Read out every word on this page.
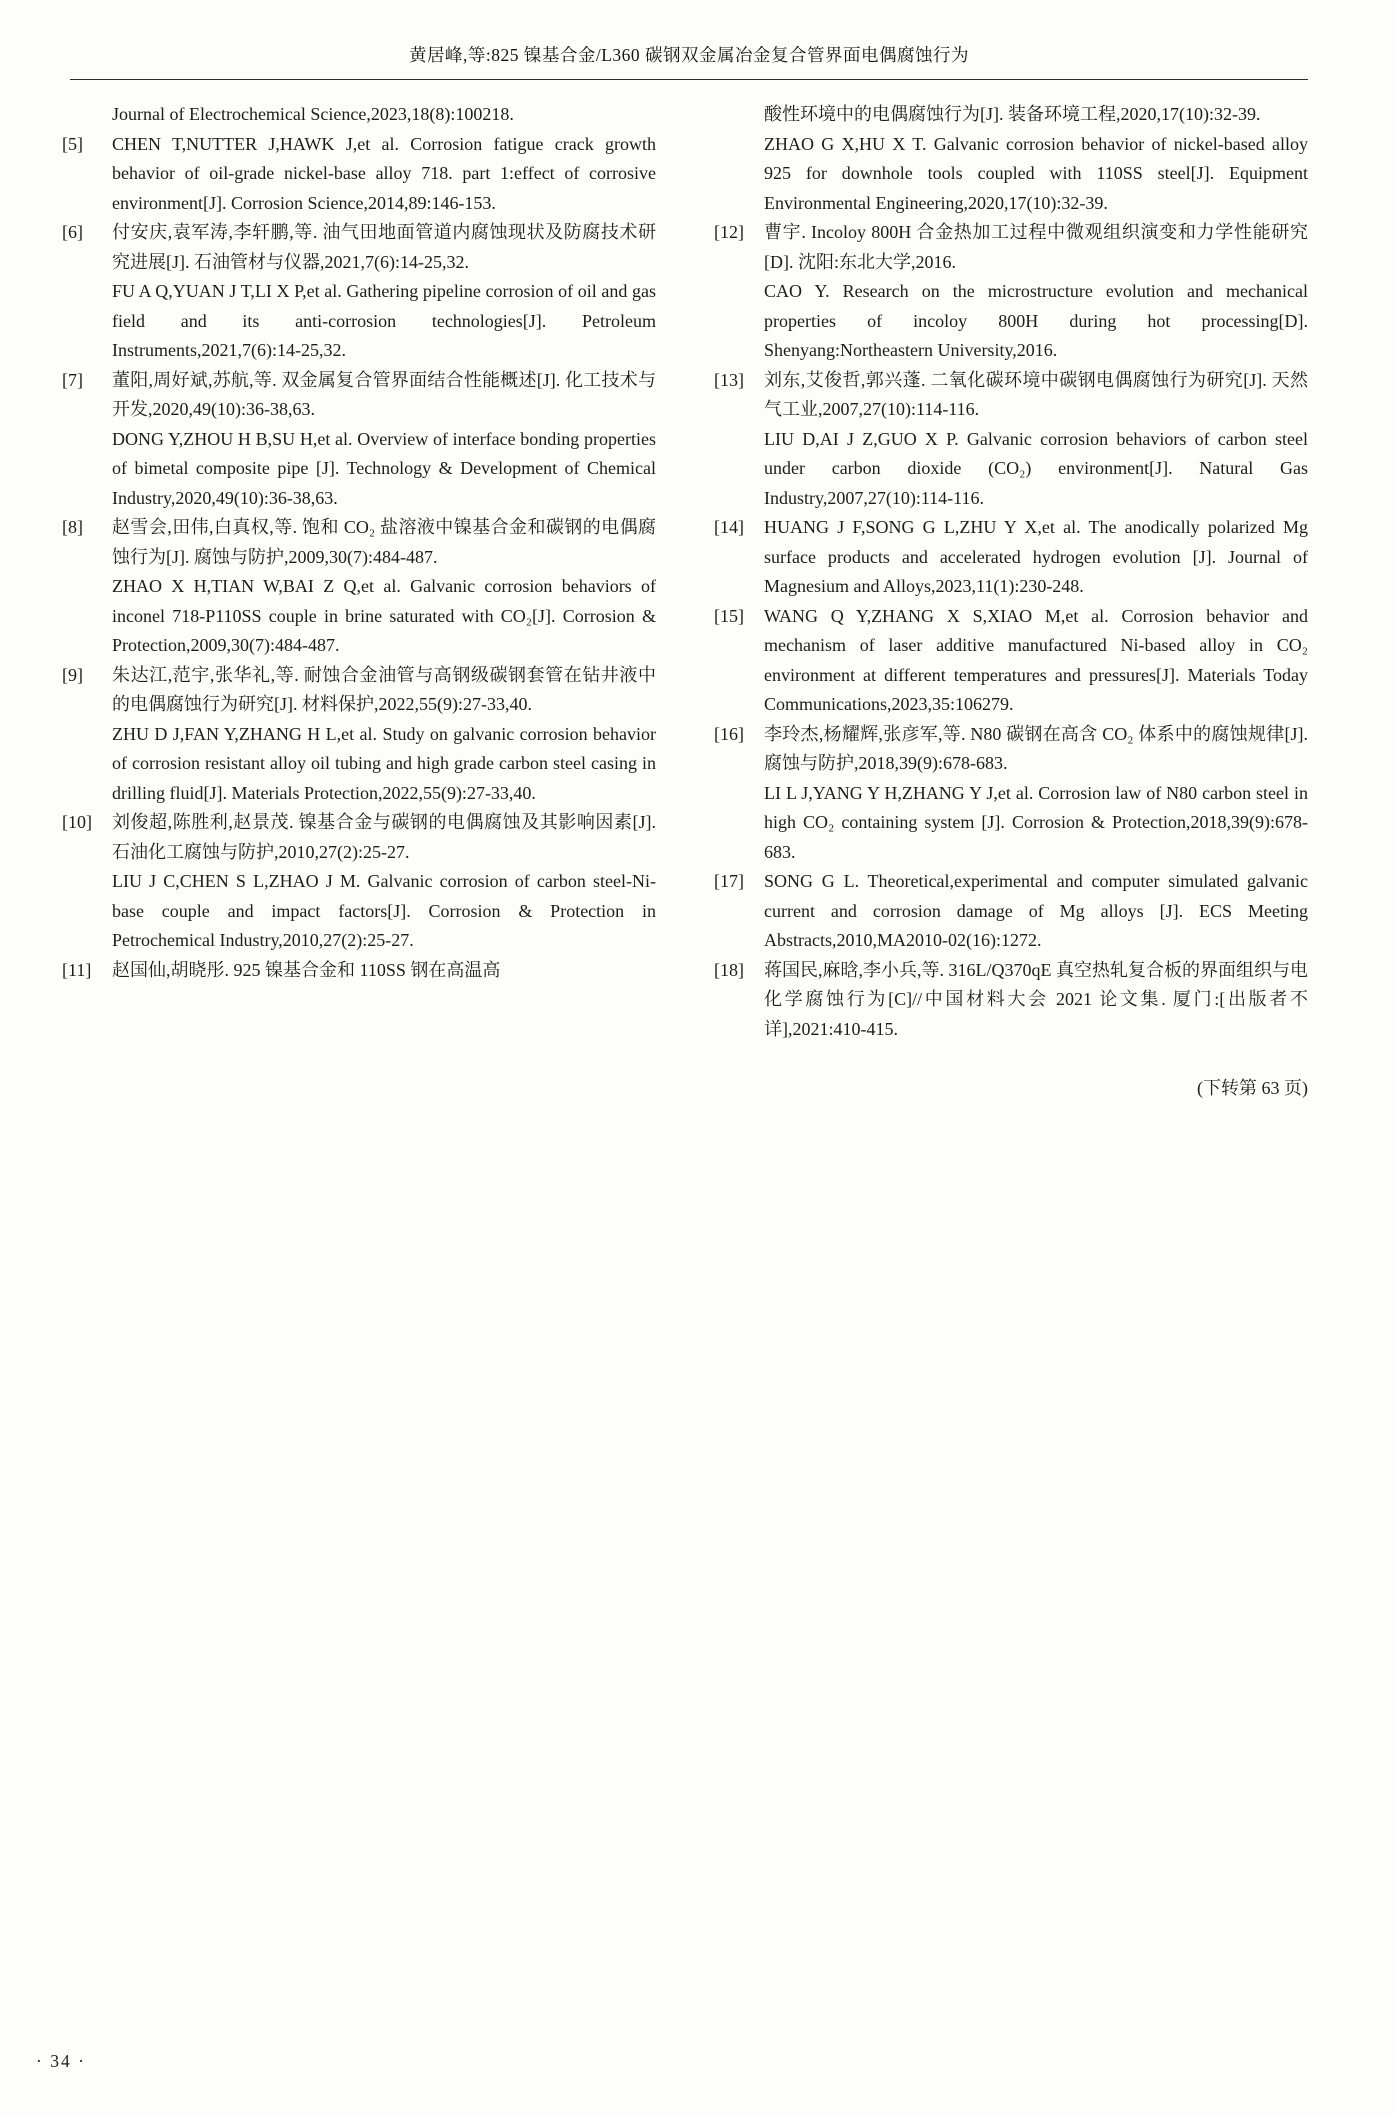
黄居峰,等:825 镍基合金/L360 碳钢双金属冶金复合管界面电偶腐蚀行为

Journal of Electrochemical Science,2023,18(8):100218.

[5]	CHEN T,NUTTER J,HAWK J,et al. Corrosion fatigue crack growth behavior of oil-grade nickel-base alloy 718. part 1:effect of corrosive environment[J]. Corrosion Science,2014,89:146-153.

[6]	付安庆,袁军涛,李轩鹏,等. 油气田地面管道内腐蚀现状及防腐技术研究进展[J]. 石油管材与仪器,2021,7(6):14-25,32.

FU A Q,YUAN J T,LI X P,et al. Gathering pipeline corrosion of oil and gas field and its anti-corrosion technologies[J]. Petroleum Instruments,2021,7(6):14-25,32.

[7]	董阳,周好斌,苏航,等. 双金属复合管界面结合性能概述[J]. 化工技术与开发,2020,49(10):36-38,63.

DONG Y,ZHOU H B,SU H,et al. Overview of interface bonding properties of bimetal composite pipe [J]. Technology & Development of Chemical Industry,2020,49(10):36-38,63.

[8]	赵雪会,田伟,白真权,等. 饱和 CO₂ 盐溶液中镍基合金和碳钢的电偶腐蚀行为[J]. 腐蚀与防护,2009,30(7):484-487.

ZHAO X H,TIAN W,BAI Z Q,et al. Galvanic corrosion behaviors of inconel 718-P110SS couple in brine saturated with CO₂[J]. Corrosion & Protection,2009,30(7):484-487.

[9]	朱达江,范宇,张华礼,等. 耐蚀合金油管与高钢级碳钢套管在钻井液中的电偶腐蚀行为研究[J]. 材料保护,2022,55(9):27-33,40.

ZHU D J,FAN Y,ZHANG H L,et al. Study on galvanic corrosion behavior of corrosion resistant alloy oil tubing and high grade carbon steel casing in drilling fluid[J]. Materials Protection,2022,55(9):27-33,40.

[10]	刘俊超,陈胜利,赵景茂. 镍基合金与碳钢的电偶腐蚀及其影响因素[J]. 石油化工腐蚀与防护,2010,27(2):25-27.

LIU J C,CHEN S L,ZHAO J M. Galvanic corrosion of carbon steel-Ni-base couple and impact factors[J]. Corrosion & Protection in Petrochemical Industry,2010,27(2):25-27.

[11]	赵国仙,胡晓彤. 925 镍基合金和 110SS 钢在高温高

酸性环境中的电偶腐蚀行为[J]. 装备环境工程,2020,17(10):32-39.

ZHAO G X,HU X T. Galvanic corrosion behavior of nickel-based alloy 925 for downhole tools coupled with 110SS steel[J]. Equipment Environmental Engineering,2020,17(10):32-39.

[12]	曹宇. Incoloy 800H 合金热加工过程中微观组织演变和力学性能研究[D]. 沈阳:东北大学,2016.

CAO Y. Research on the microstructure evolution and mechanical properties of incoloy 800H during hot processing[D]. Shenyang:Northeastern University,2016.

[13]	刘东,艾俊哲,郭兴蓬. 二氧化碳环境中碳钢电偶腐蚀行为研究[J]. 天然气工业,2007,27(10):114-116.

LIU D,AI J Z,GUO X P. Galvanic corrosion behaviors of carbon steel under carbon dioxide (CO₂) environment[J]. Natural Gas Industry,2007,27(10):114-116.

[14]	HUANG J F,SONG G L,ZHU Y X,et al. The anodically polarized Mg surface products and accelerated hydrogen evolution [J]. Journal of Magnesium and Alloys,2023,11(1):230-248.

[15]	WANG Q Y,ZHANG X S,XIAO M,et al. Corrosion behavior and mechanism of laser additive manufactured Ni-based alloy in CO₂ environment at different temperatures and pressures[J]. Materials Today Communications,2023,35:106279.

[16]	李玲杰,杨耀辉,张彦军,等. N80 碳钢在高含 CO₂ 体系中的腐蚀规律[J]. 腐蚀与防护,2018,39(9):678-683.

LI L J,YANG Y H,ZHANG Y J,et al. Corrosion law of N80 carbon steel in high CO₂ containing system [J]. Corrosion & Protection,2018,39(9):678-683.

[17]	SONG G L. Theoretical,experimental and computer simulated galvanic current and corrosion damage of Mg alloys [J]. ECS Meeting Abstracts,2010,MA2010-02(16):1272.

[18]	蒋国民,麻晗,李小兵,等. 316L/Q370qE 真空热轧复合板的界面组织与电化学腐蚀行为[C]//中国材料大会 2021 论文集. 厦门:[出版者不详],2021:410-415.

(下转第 63 页)

· 34 ·
